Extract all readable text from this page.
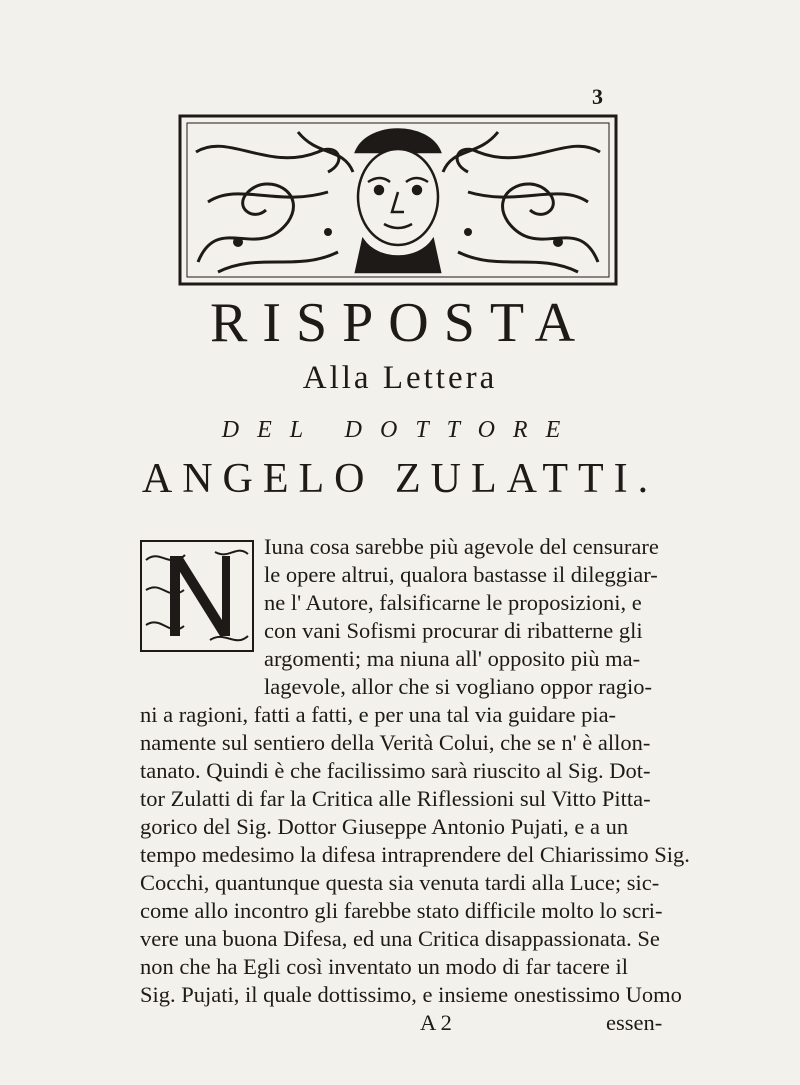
3
RISPOSTA
Alla Lettera
DEL DOTTORE
ANGELO ZULATTI.
Iuna cosa sarebbe più agevole del censurare
le opere altrui, qualora bastasse il dileggiar-
ne l' Autore, falsificarne le proposizioni, e
con vani Sofismi procurar di ribatterne gli
argomenti; ma niuna all' opposito più ma-
lagevole, allor che si vogliano oppor ragio-
ni a ragioni, fatti a fatti, e per una tal via guidare pia-
namente sul sentiero della Verità Colui, che se n' è allon-
tanato. Quindi è che facilissimo sarà riuscito al Sig. Dot-
tor Zulatti di far la Critica alle Riflessioni sul Vitto Pitta-
gorico del Sig. Dottor Giuseppe Antonio Pujati, e a un
tempo medesimo la difesa intraprendere del Chiarissimo Sig.
Cocchi, quantunque questa sia venuta tardi alla Luce; sic-
come allo incontro gli farebbe stato difficile molto lo scri-
vere una buona Difesa, ed una Critica disappassionata. Se
non che ha Egli così inventato un modo di far tacere il
Sig. Pujati, il quale dottissimo, e insieme onestissimo Uomo
A 2	essen-
